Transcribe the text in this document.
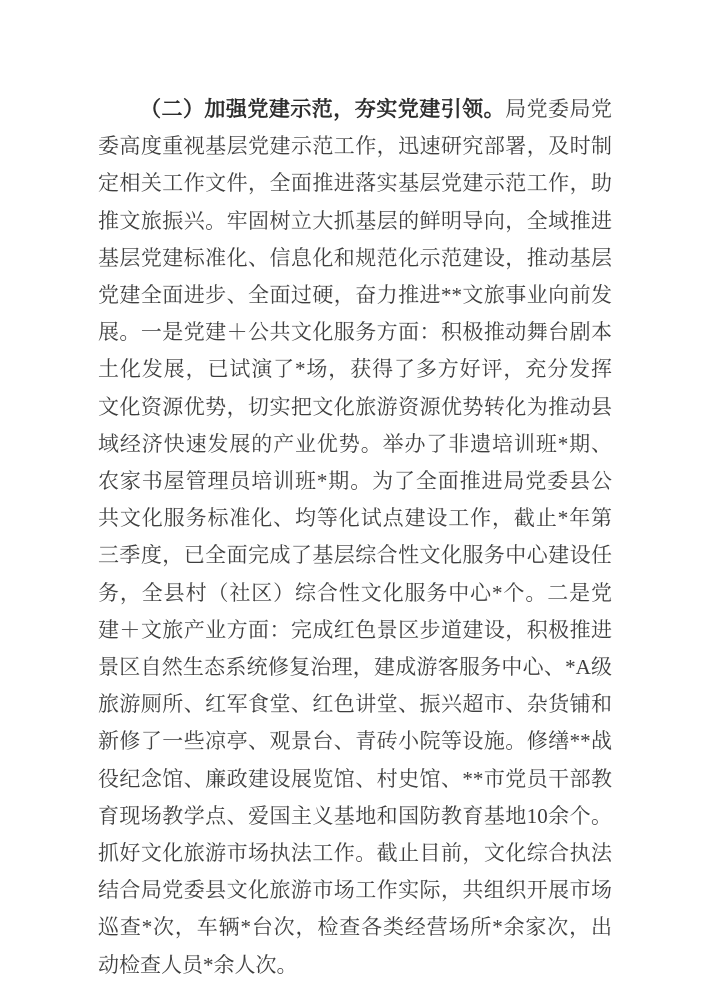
（二）加强党建示范，夯实党建引领。局党委局党委高度重视基层党建示范工作，迅速研究部署，及时制定相关工作文件，全面推进落实基层党建示范工作，助推文旅振兴。牢固树立大抓基层的鲜明导向，全域推进基层党建标准化、信息化和规范化示范建设，推动基层党建全面进步、全面过硬，奋力推进**文旅事业向前发展。一是党建＋公共文化服务方面：积极推动舞台剧本土化发展，已试演了*场，获得了多方好评，充分发挥文化资源优势，切实把文化旅游资源优势转化为推动县域经济快速发展的产业优势。举办了非遗培训班*期、农家书屋管理员培训班*期。为了全面推进局党委县公共文化服务标准化、均等化试点建设工作，截止*年第三季度，已全面完成了基层综合性文化服务中心建设任务，全县村（社区）综合性文化服务中心*个。二是党建＋文旅产业方面：完成红色景区步道建设，积极推进景区自然生态系统修复治理，建成游客服务中心、*A级旅游厕所、红军食堂、红色讲堂、振兴超市、杂货铺和新修了一些凉亭、观景台、青砖小院等设施。修缮**战役纪念馆、廉政建设展览馆、村史馆、**市党员干部教育现场教学点、爱国主义基地和国防教育基地10余个。抓好文化旅游市场执法工作。截止目前，文化综合执法结合局党委县文化旅游市场工作实际，共组织开展市场巡查*次，车辆*台次，检查各类经营场所*余家次，出动检查人员*余人次。
